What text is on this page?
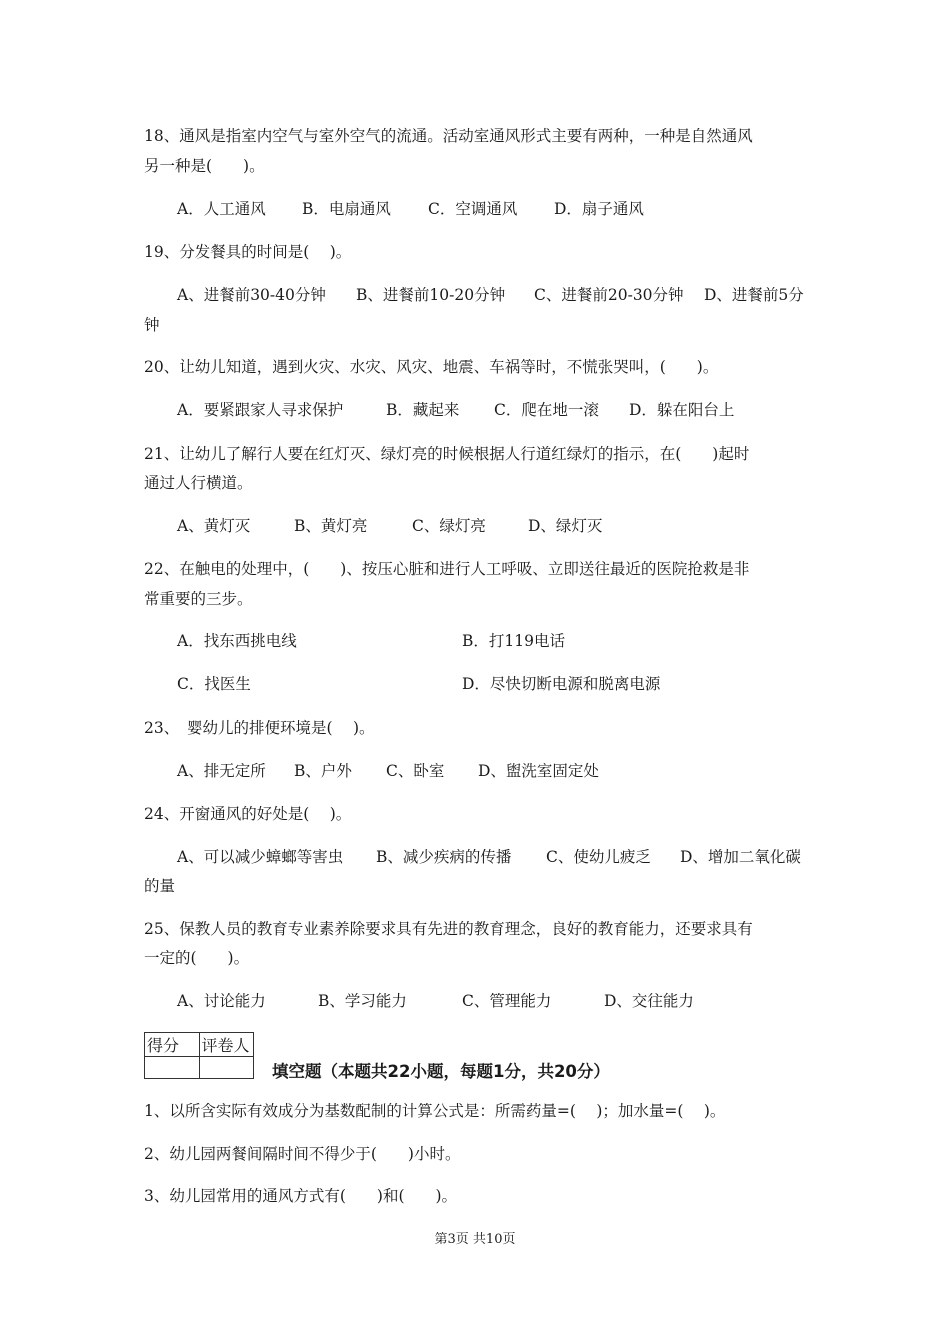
18、通风是指室内空气与室外空气的流通。活动室通风形式主要有两种，一种是自然通风
另一种是(　　)。
A．人工通风 B．电扇通风 C．空调通风 D．扇子通风
19、分发餐具的时间是(　 )。
A、进餐前30-40分钟 B、进餐前10-20分钟 C、进餐前20-30分钟 D、进餐前5分
钟
20、让幼儿知道，遇到火灾、水灾、风灾、地震、车祸等时，不慌张哭叫，(　　)。
A．要紧跟家人寻求保护	B．藏起来 C．爬在地一滚 D．躲在阳台上
21、让幼儿了解行人要在红灯灭、绿灯亮的时候根据人行道红绿灯的指示，在(　　)起时
通过人行横道。
A、黄灯灭	B、黄灯亮	C、绿灯亮	D、绿灯灭
22、在触电的处理中，(　　)、按压心脏和进行人工呼吸、立即送往最近的医院抢救是非
常重要的三步。
A．找东西挑电线	B．打119电话
C．找医生	D．尽快切断电源和脱离电源
23、　婴幼儿的排便环境是(　 )。
A、排无定所 B、户外 C、卧室 D、盥洗室固定处
24、开窗通风的好处是(　 )。
A、可以减少蟑螂等害虫 B、减少疾病的传播 C、使幼儿疲乏 D、增加二氧化碳
的量
25、保教人员的教育专业素养除要求具有先进的教育理念，良好的教育能力，还要求具有
一定的(　　)。
A、讨论能力	B、学习能力	C、管理能力	D、交往能力
得分	评卷人

填空题（本题共22小题，每题1分，共20分）
1、以所含实际有效成分为基数配制的计算公式是：所需药量=(　 )；加水量=(　 )。
2、幼儿园两餐间隔时间不得少于(　　)小时。
3、幼儿园常用的通风方式有(　　)和(　　)。
第3页 共10页
